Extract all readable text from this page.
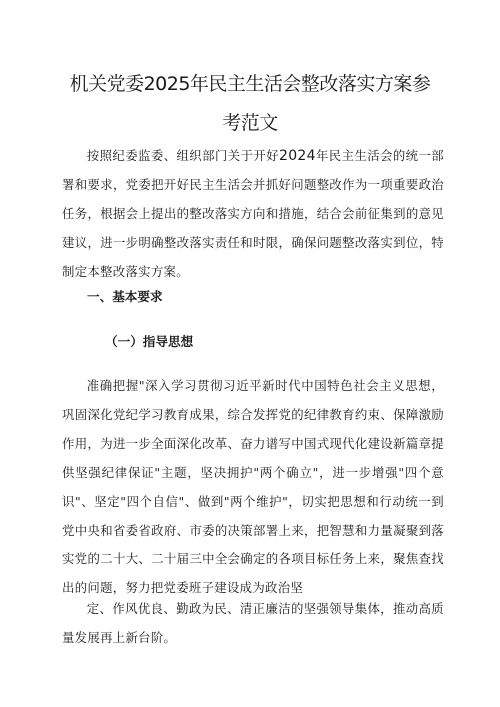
机关党委2025年民主生活会整改落实方案参
考范文

按照纪委监委、组织部门关于开好2024年民主生活会的统一部署和要求，党委把开好民主生活会并抓好问题整改作为一项重要政治任务，根据会上提出的整改落实方向和措施，结合会前征集到的意见建议，进一步明确整改落实责任和时限，确保问题整改落实到位，特制定本整改落实方案。

一、基本要求
（一）指导思想

准确把握"深入学习贯彻习近平新时代中国特色社会主义思想，巩固深化党纪学习教育成果，综合发挥党的纪律教育约束、保障激励作用，为进一步全面深化改革、奋力谱写中国式现代化建设新篇章提供坚强纪律保证"主题，坚决拥护"两个确立"，进一步增强"四个意识"、坚定"四个自信"、做到"两个维护"，切实把思想和行动统一到党中央和省委省政府、市委的决策部署上来，把智慧和力量凝聚到落实党的二十大、二十届三中全会确定的各项目标任务上来，聚焦查找出的问题，努力把党委班子建设成为政治坚

定、作风优良、勤政为民、清正廉洁的坚强领导集体，推动高质量发展再上新台阶。
